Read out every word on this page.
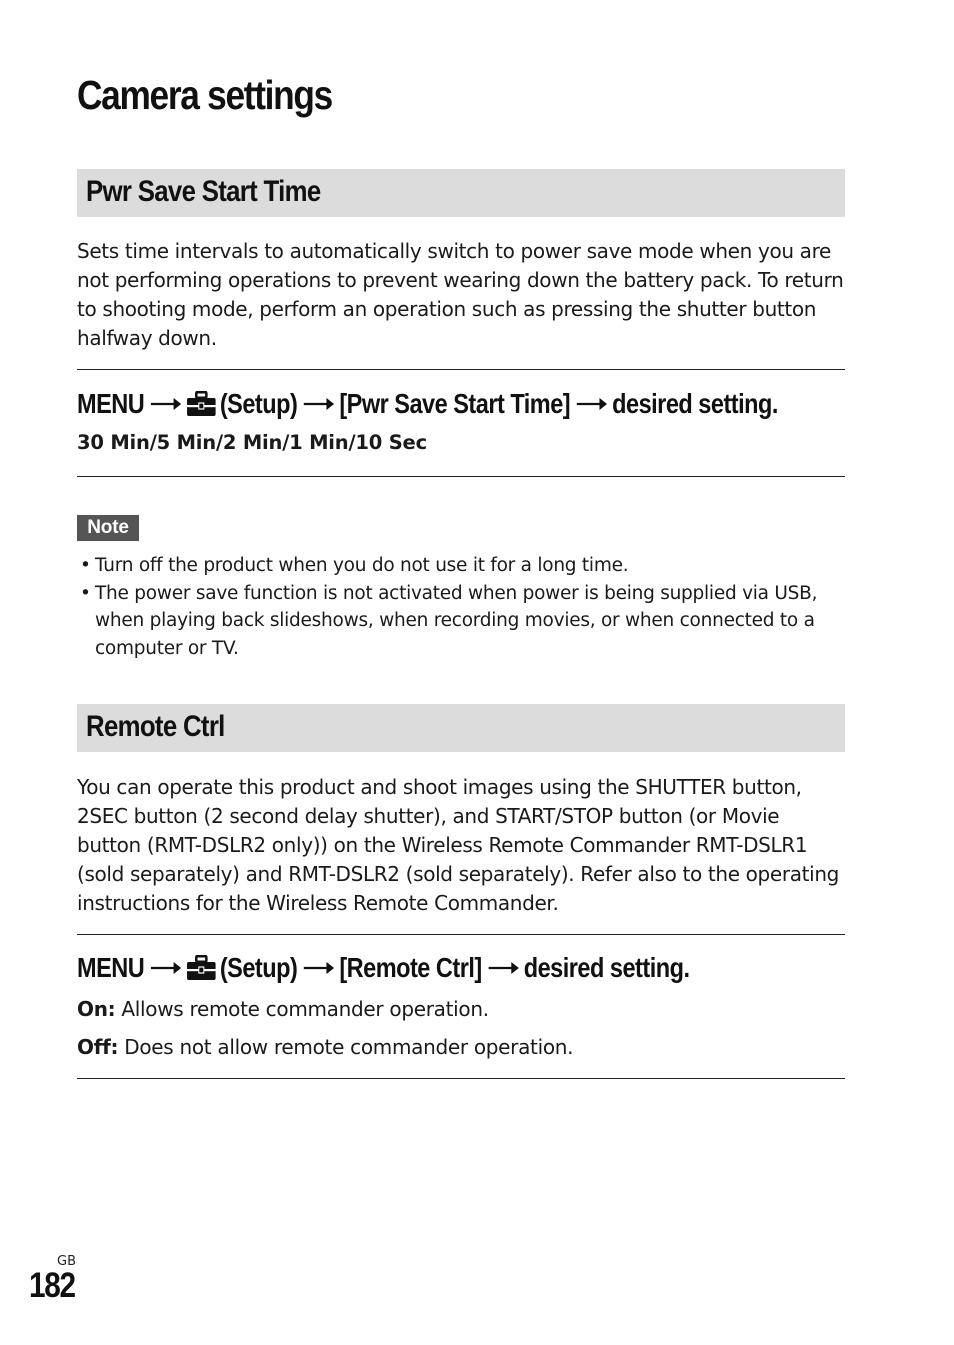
Camera settings
Pwr Save Start Time

Sets time intervals to automatically switch to power save mode when you are not performing operations to prevent wearing down the battery pack. To return to shooting mode, perform an operation such as pressing the shutter button halfway down.

MENU	(Setup) [Pwr Save Start Time] desired setting.

30 Min/5 Min/2 Min/1 Min/10 Sec

Note
• Turn off the product when you do not use it for a long time.
• The power save function is not activated when power is being supplied via USB, when playing back slideshows, when recording movies, or when connected to a computer or TV.
Remote Ctrl

You can operate this product and shoot images using the SHUTTER button, 2SEC button (2 second delay shutter), and START/STOP button (or Movie button (RMT-DSLR2 only)) on the Wireless Remote Commander RMT-DSLR1 (sold separately) and RMT-DSLR2 (sold separately). Refer also to the operating instructions for the Wireless Remote Commander.

MENU	(Setup) [Remote Ctrl] desired setting.

On: Allows remote commander operation.

Off: Does not allow remote commander operation.

GB
182
